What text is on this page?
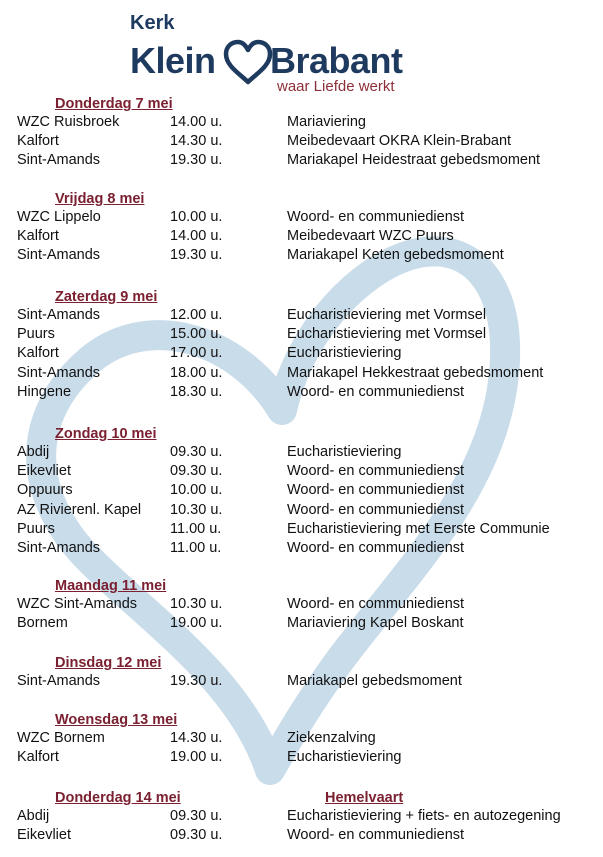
Kerk
Klein Brabant
waar Liefde werkt
Donderdag 7 mei
WZC Ruisbroek	14.00 u.	Mariaviering
Kalfort	14.30 u.	Meibedevaart OKRA Klein-Brabant
Sint-Amands	19.30 u.	Mariakapel Heidestraat gebedsmoment
Vrijdag 8 mei
WZC Lippelo	10.00 u.	Woord- en communiedienst
Kalfort	14.00 u.	Meibedevaart WZC Puurs
Sint-Amands	19.30 u.	Mariakapel Keten gebedsmoment
Zaterdag 9 mei
Sint-Amands	12.00 u.	Eucharistieviering met Vormsel
Puurs	15.00 u.	Eucharistieviering met Vormsel
Kalfort	17.00 u.	Eucharistieviering
Sint-Amands	18.00 u.	Mariakapel Hekkestraat gebedsmoment
Hingene	18.30 u.	Woord- en communiedienst
Zondag 10 mei
Abdij	09.30 u.	Eucharistieviering
Eikevliet	09.30 u.	Woord- en communiedienst
Oppuurs	10.00 u.	Woord- en communiedienst
AZ Rivierenl. Kapel 10.30 u.	Woord- en communiedienst
Puurs	11.00 u.	Eucharistieviering met Eerste Communie
Sint-Amands	11.00 u.	Woord- en communiedienst
Maandag 11 mei
WZC Sint-Amands 10.30 u.	Woord- en communiedienst
Bornem	19.00 u.	Mariaviering Kapel Boskant
Dinsdag 12 mei
Sint-Amands	19.30 u.	Mariakapel gebedsmoment
Woensdag 13 mei
WZC Bornem	14.30 u.	Ziekenzalving
Kalfort	19.00 u.	Eucharistieviering
Donderdag 14 mei	Hemelvaart
Abdij	09.30 u.	Eucharistieviering + fiets- en autozegening
Eikevliet	09.30 u.	Woord- en communiedienst
